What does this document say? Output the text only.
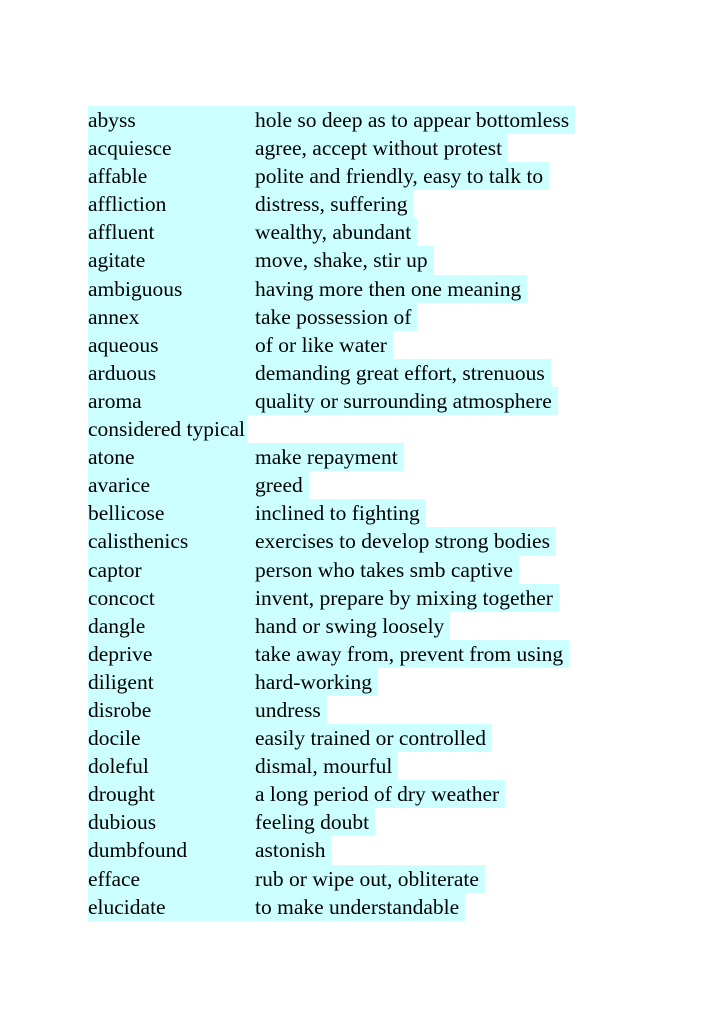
abyss	hole so deep as to appear bottomless
acquiesce	agree, accept without protest
affable	polite and friendly, easy to talk to
affliction	distress, suffering
affluent	wealthy, abundant
agitate	move, shake, stir up
ambiguous	having more then one meaning
annex	take possession of
aqueous	of or like water
arduous	demanding great effort, strenuous
aroma	quality or surrounding atmosphere
considered typical
atone	make repayment
avarice	greed
bellicose	inclined to fighting
calisthenics	exercises to develop strong bodies
captor	person who takes smb captive
concoct	invent, prepare by mixing together
dangle	hand or swing loosely
deprive	take away from, prevent from using
diligent	hard-working
disrobe	undress
docile	easily trained or controlled
doleful	dismal, mourful
drought	a long period of dry weather
dubious	feeling doubt
dumbfound	astonish
efface	rub or wipe out, obliterate
elucidate	to make understandable
